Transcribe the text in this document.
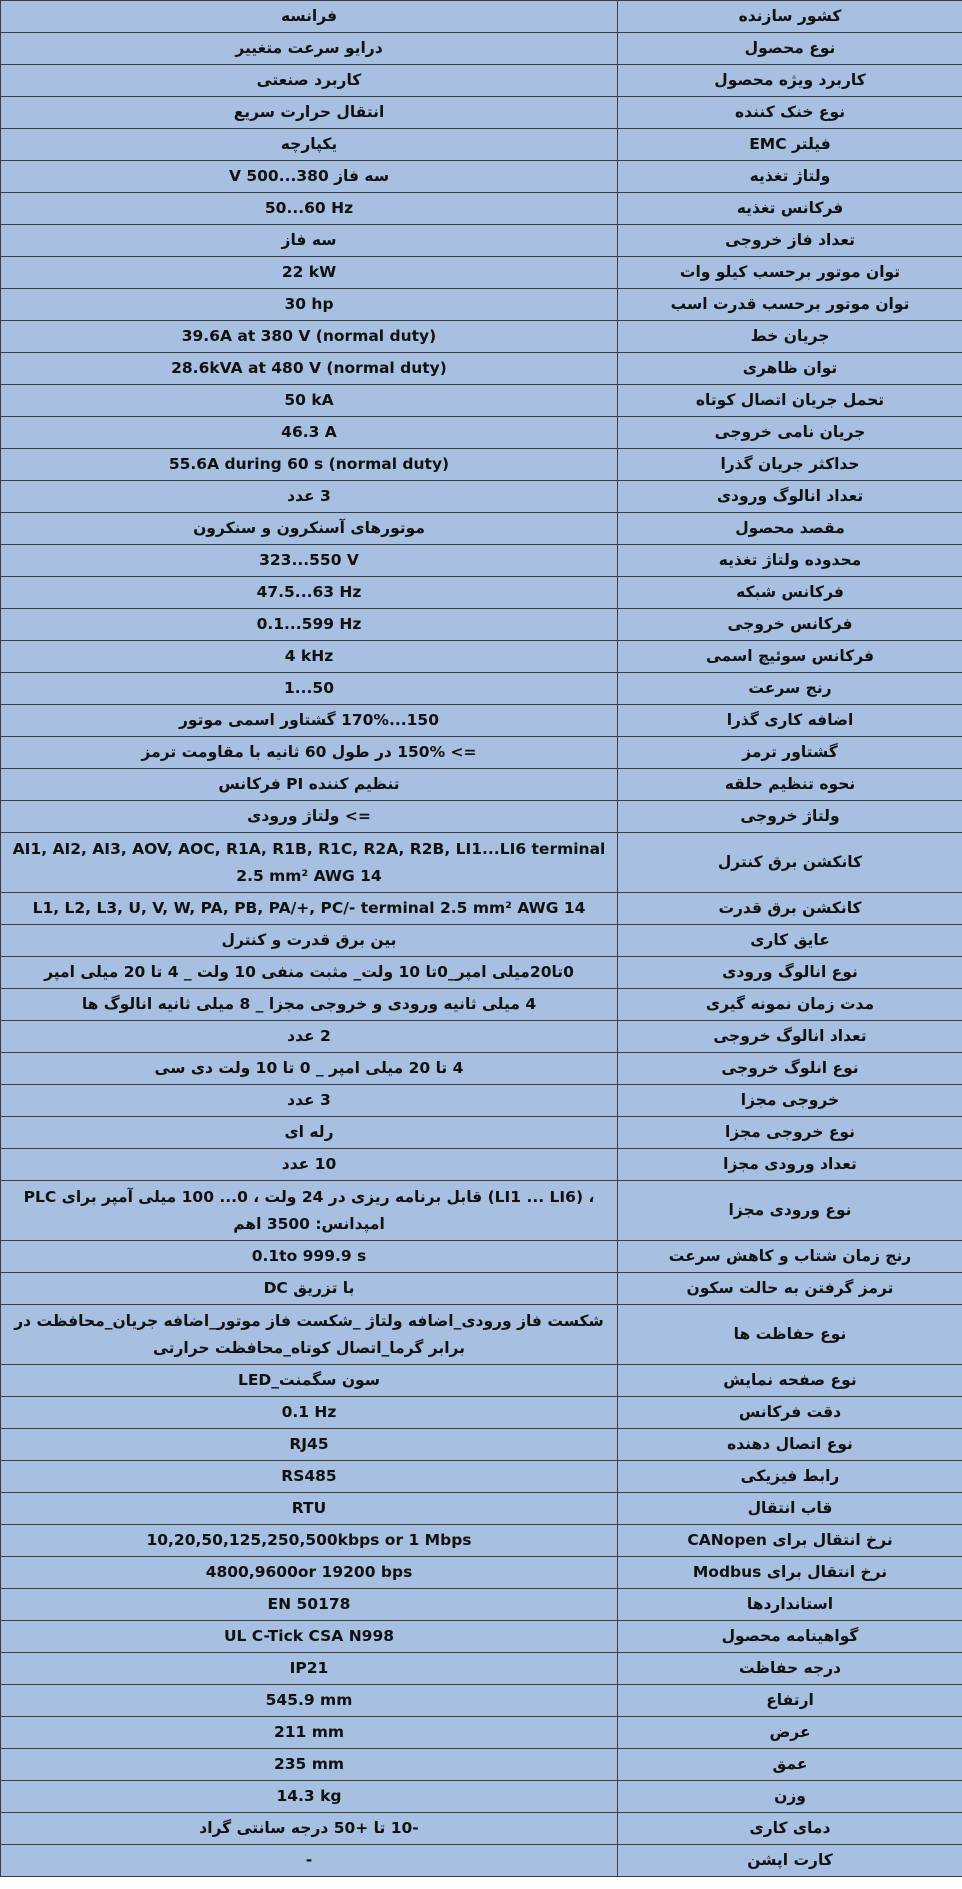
فرانسه	کشور سازنده
درایو سرعت متغییر	نوع محصول
کاربرد صنعتی	کاربرد ویژه محصول
انتقال حرارت سریع	نوع خنک کننده
یکپارچه	فیلتر EMC
سه فاز 380...500 V	ولتاژ تغذیه
50...60 Hz	فرکانس تغذیه
سه فاز	تعداد فاز خروجی
22 kW	توان موتور برحسب کیلو وات
30 hp	توان موتور برحسب قدرت اسب
39.6A at 380 V (normal duty)	جریان خط
28.6kVA at 480 V (normal duty)	توان ظاهری
50 kA	تحمل جریان اتصال کوتاه
46.3 A	جریان نامی خروجی
55.6A during 60 s (normal duty)	حداکثر جریان گذرا
3 عدد	تعداد انالوگ ورودی
موتورهای آسنکرون و سنکرون	مقصد محصول
323...550 V	محدوده ولتاژ تغذیه
47.5...63 Hz	فرکانس شبکه
0.1...599 Hz	فرکانس خروجی
4 kHz	فرکانس سوئیچ اسمی
1...50	رنج سرعت
150...170% گشتاور اسمی موتور	اضافه کاری گذرا
=> 150% در طول 60 ثانیه با مقاومت ترمز	گشتاور ترمز
تنظیم کننده PI فرکانس	نحوه تنظیم حلقه
=> ولتاژ ورودی	ولتاژ خروجی
AI1, AI2, AI3, AOV, AOC, R1A, R1B, R1C, R2A, R2B, LI1...LI6 terminal 2.5 mm² AWG 14	کانکشن برق کنترل
L1, L2, L3, U, V, W, PA, PB, PA/+, PC/- terminal 2.5 mm² AWG 14	کانکشن برق قدرت
بین برق قدرت و کنترل	عایق کاری
0تا20میلی امپر_0تا 10 ولت_ مثبت منفی 10 ولت _ 4 تا 20 میلی امپر	نوع انالوگ ورودی
4 میلی ثانیه ورودی و خروجی مجزا _ 8 میلی ثانیه انالوگ ها	مدت زمان نمونه گیری
2 عدد	تعداد انالوگ خروجی
4 تا 20 میلی امپر _ 0 تا 10 ولت دی سی	نوع انلوگ خروجی
3 عدد	خروجی مجزا
رله ای	نوع خروجی مجزا
10 عدد	تعداد ورودی مجزا
PLC قابل برنامه ریزی در 24 ولت ، 0... 100 میلی آمپر برای (LI1 ... LI6) ، امپدانس: 3500 اهم	نوع ورودی مجزا
0.1to 999.9 s	رنج زمان شتاب و کاهش سرعت
با تزریق DC	ترمز گرفتن به حالت سکون
شکست فاز ورودی_اضافه ولتاژ _شکست فاز موتور_اضافه جریان_محافظت در برابر گرما_اتصال کوتاه_محافظت حرارتی	نوع حفاظت ها
سون سگمنت_LED	نوع صفحه نمایش
0.1 Hz	دقت فرکانس
RJ45	نوع اتصال دهنده
RS485	رابط فیزیکی
RTU	قاب انتقال
10,20,50,125,250,500kbps or 1 Mbps	نرخ انتقال برای CANopen
4800,9600or 19200 bps	نرخ انتقال برای Modbus
EN 50178	استانداردها
UL C-Tick CSA N998	گواهینامه محصول
IP21	درجه حفاظت
545.9 mm	ارتفاع
211 mm	عرض
235 mm	عمق
14.3 kg	وزن
-10 تا +50 درجه سانتی گراد	دمای کاری
-	کارت اپشن
